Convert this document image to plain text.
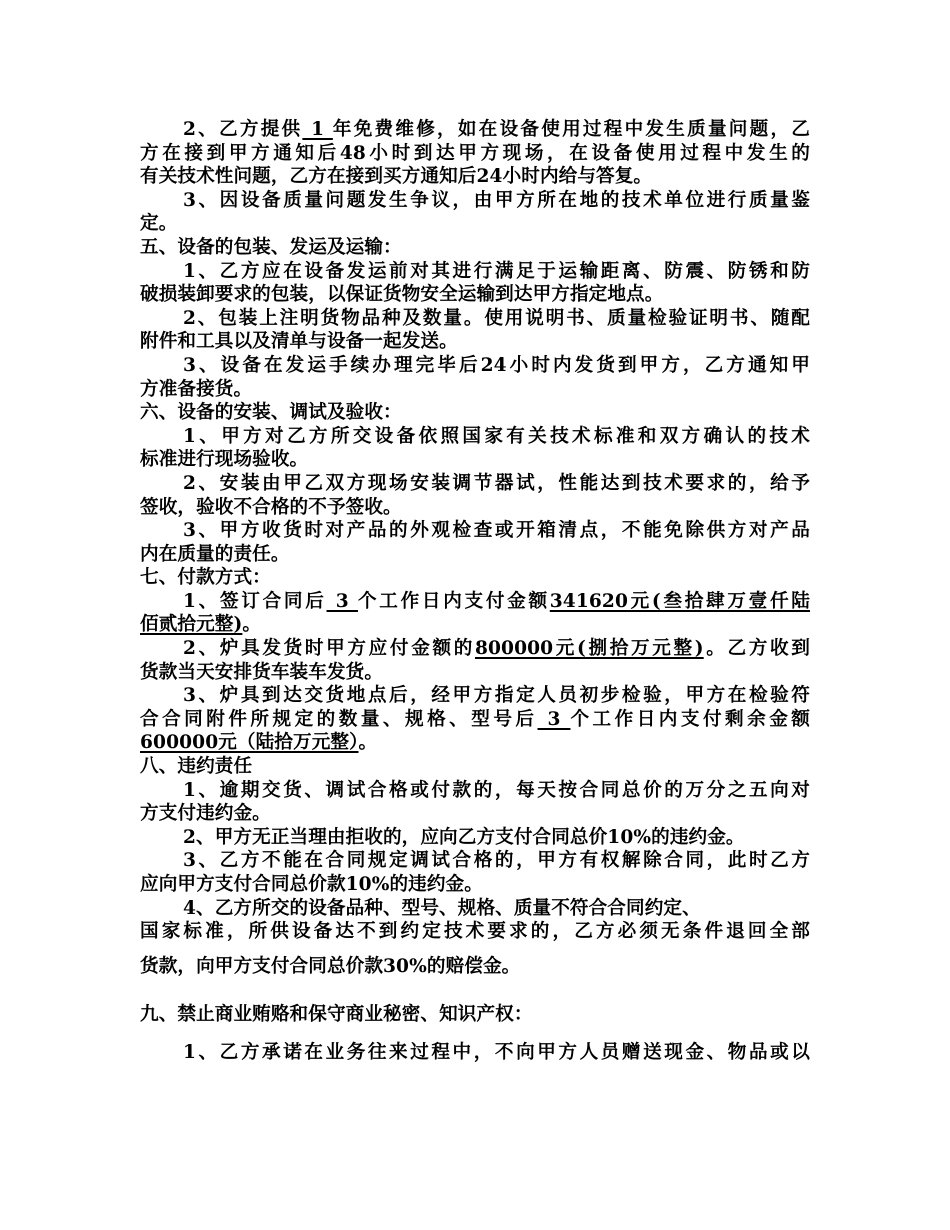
2、乙方提供 1 年免费维修，如在设备使用过程中发生质量问题，乙
方在接到甲方通知后48小时到达甲方现场，在设备使用过程中发生的
有关技术性问题，乙方在接到买方通知后24小时内给与答复。
3、因设备质量问题发生争议，由甲方所在地的技术单位进行质量鉴
定。
五、设备的包装、发运及运输：
1、乙方应在设备发运前对其进行满足于运输距离、防震、防锈和防
破损装卸要求的包装，以保证货物安全运输到达甲方指定地点。
2、包装上注明货物品种及数量。使用说明书、质量检验证明书、随配
附件和工具以及清单与设备一起发送。
3、设备在发运手续办理完毕后24小时内发货到甲方，乙方通知甲
方准备接货。
六、设备的安装、调试及验收：
1、甲方对乙方所交设备依照国家有关技术标准和双方确认的技术
标准进行现场验收。
2、安装由甲乙双方现场安装调节器试，性能达到技术要求的，给予
签收，验收不合格的不予签收。
3、甲方收货时对产品的外观检查或开箱清点，不能免除供方对产品
内在质量的责任。
七、付款方式：
1、签订合同后 3 个工作日内支付金额341620元(叁拾肆万壹仟陆
佰贰拾元整)。
2、炉具发货时甲方应付金额的800000元(捌拾万元整)。乙方收到
货款当天安排货车装车发货。
3、炉具到达交货地点后，经甲方指定人员初步检验，甲方在检验符
合合同附件所规定的数量、规格、型号后 3 个工作日内支付剩余金额
600000元（陆拾万元整）。
八、违约责任
1、逾期交货、调试合格或付款的，每天按合同总价的万分之五向对
方支付违约金。
2、甲方无正当理由拒收的，应向乙方支付合同总价10%的违约金。
3、乙方不能在合同规定调试合格的，甲方有权解除合同，此时乙方
应向甲方支付合同总价款10%的违约金。
4、乙方所交的设备品种、型号、规格、质量不符合合同约定、
国家标准，所供设备达不到约定技术要求的，乙方必须无条件退回全部
货款，向甲方支付合同总价款30%的赔偿金。
九、禁止商业贿赂和保守商业秘密、知识产权：
1、乙方承诺在业务往来过程中，不向甲方人员赠送现金、物品或以
